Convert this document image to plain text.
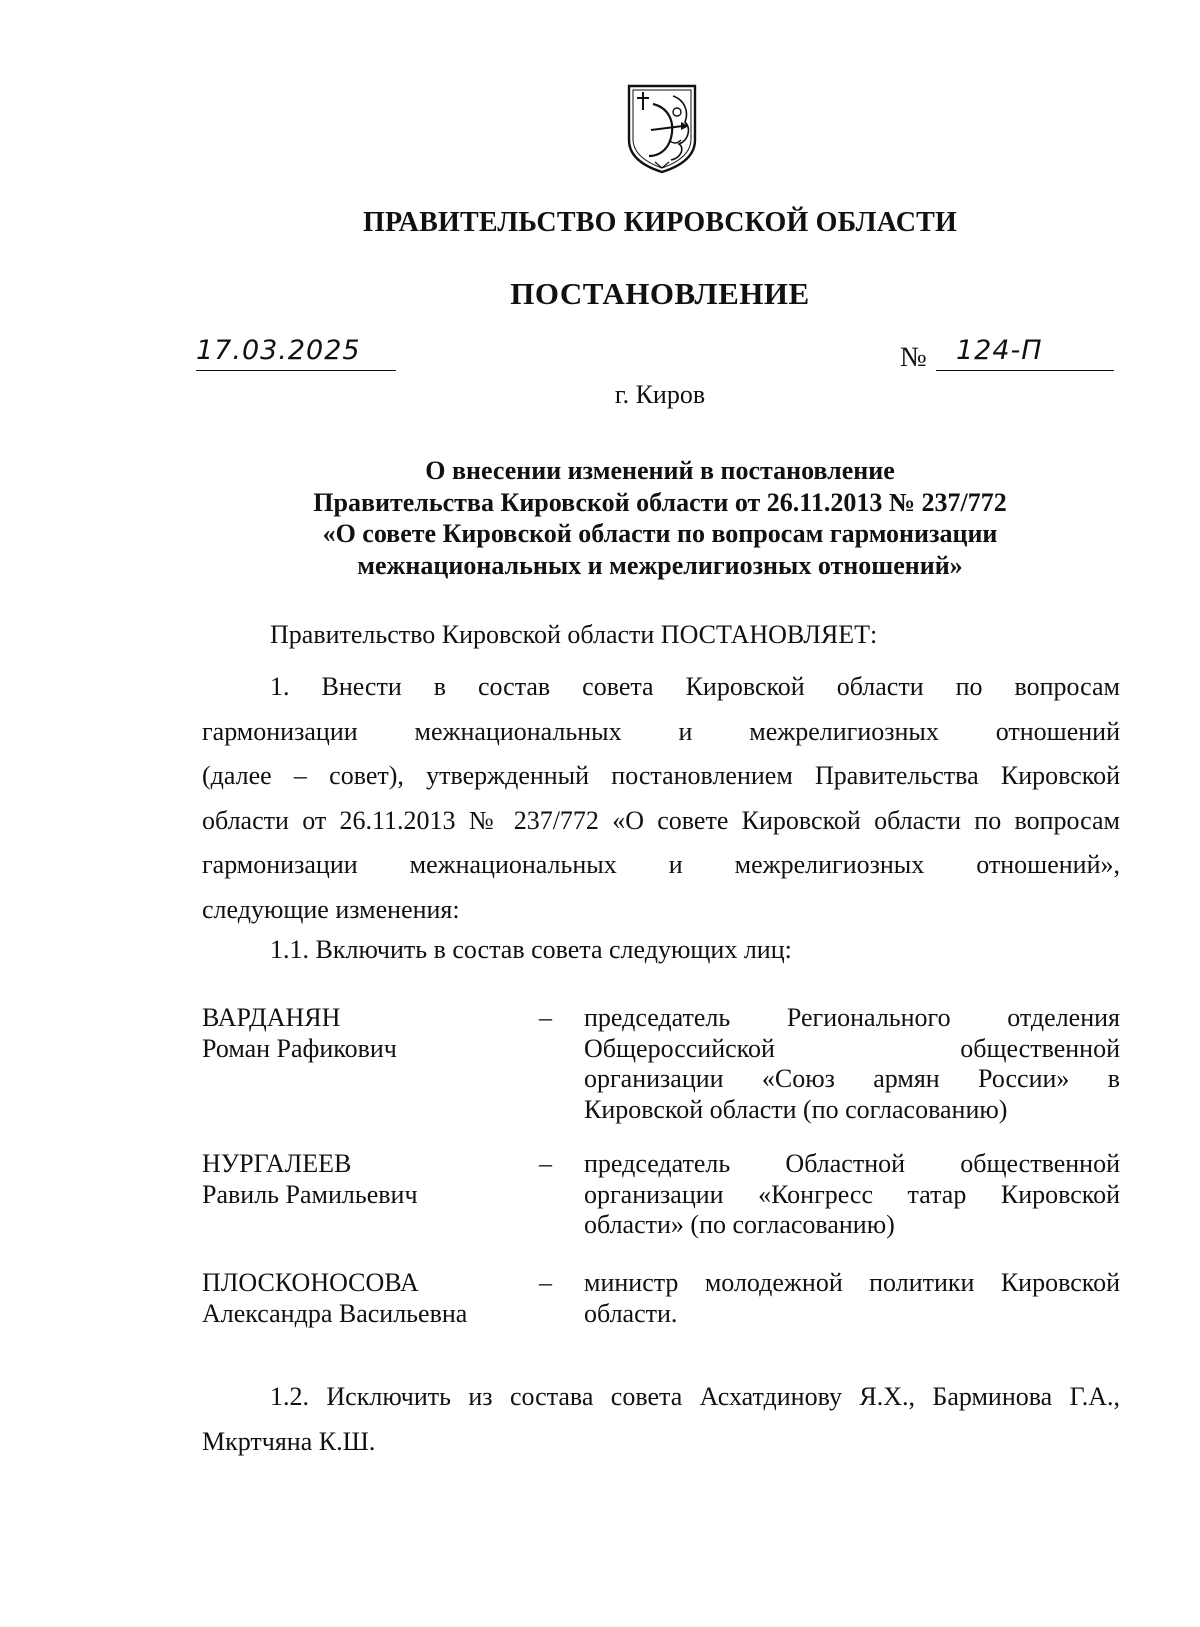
ПРАВИТЕЛЬСТВО КИРОВСКОЙ ОБЛАСТИ
ПОСТАНОВЛЕНИЕ
17.03.2025	№	124-П
г. Киров
О внесении изменений в постановление
Правительства Кировской области от 26.11.2013 № 237/772
«О совете Кировской области по вопросам гармонизации
межнациональных и межрелигиозных отношений»
Правительство Кировской области ПОСТАНОВЛЯЕТ:
1. Внести в состав совета Кировской области по вопросам
гармонизации межнациональных и межрелигиозных отношений
(далее – совет), утвержденный постановлением Правительства Кировской
области от 26.11.2013 № 237/772 «О совете Кировской области по вопросам
гармонизации межнациональных и межрелигиозных отношений»,
следующие изменения:
1.1. Включить в состав совета следующих лиц:
ВАРДАНЯН
Роман Рафикович
– председатель Регионального отделения
Общероссийской общественной
организации «Союз армян России» в
Кировской области (по согласованию)
НУРГАЛЕЕВ
Равиль Рамильевич
– председатель Областной общественной
организации «Конгресс татар Кировской
области» (по согласованию)
ПЛОСКОНОСОВА
Александра Васильевна
– министр молодежной политики Кировской
области.
1.2. Исключить из состава совета Асхатдинову Я.Х., Барминова Г.А.,
Мкртчяна К.Ш.
